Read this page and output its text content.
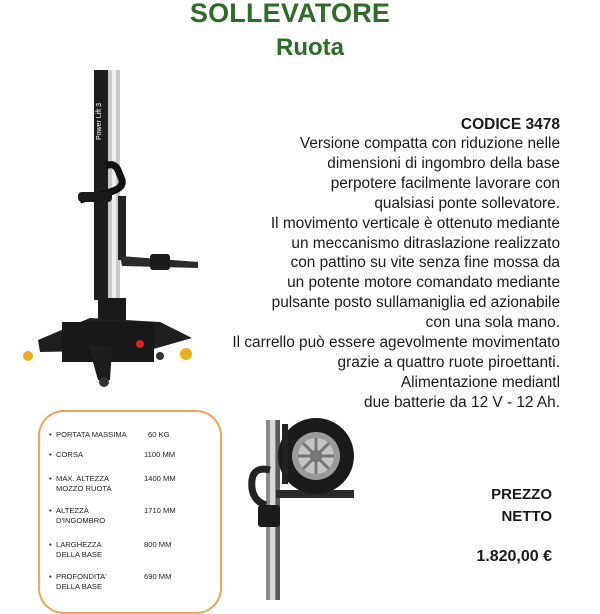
SOLLEVATORE
Ruota
Power Lift 3	CODICE 3478
Versione compatta con riduzione nelle
dimensioni di ingombro della base
perpotere facilmente lavorare con
qualsiasi ponte sollevatore.
Il movimento verticale è ottenuto mediante
un meccanismo ditraslazione realizzato
con pattino su vite senza fine mossa da
un potente motore comandato mediante
pulsante posto sullamaniglia ed azionabile
con una sola mano.
Il carrello può essere agevolmente movimentato
grazie a quattro ruote piroettanti.
Alimentazione mediantl
due batterie da 12 V - 12 Ah.
• PORTATA MASSIMA	60 KG
• CORSA	1100 MM
• MAX. ALTEZZA MOZZO RUOTA
1400 MM
• ALTEZZA D'INGOMBRO
1710 MM
• LARGHEZZA DELLA BASE
800 MM
• PROFONDITA' DELLA BASE
690 MM
PREZZO
NETTO
1.820,00 €
